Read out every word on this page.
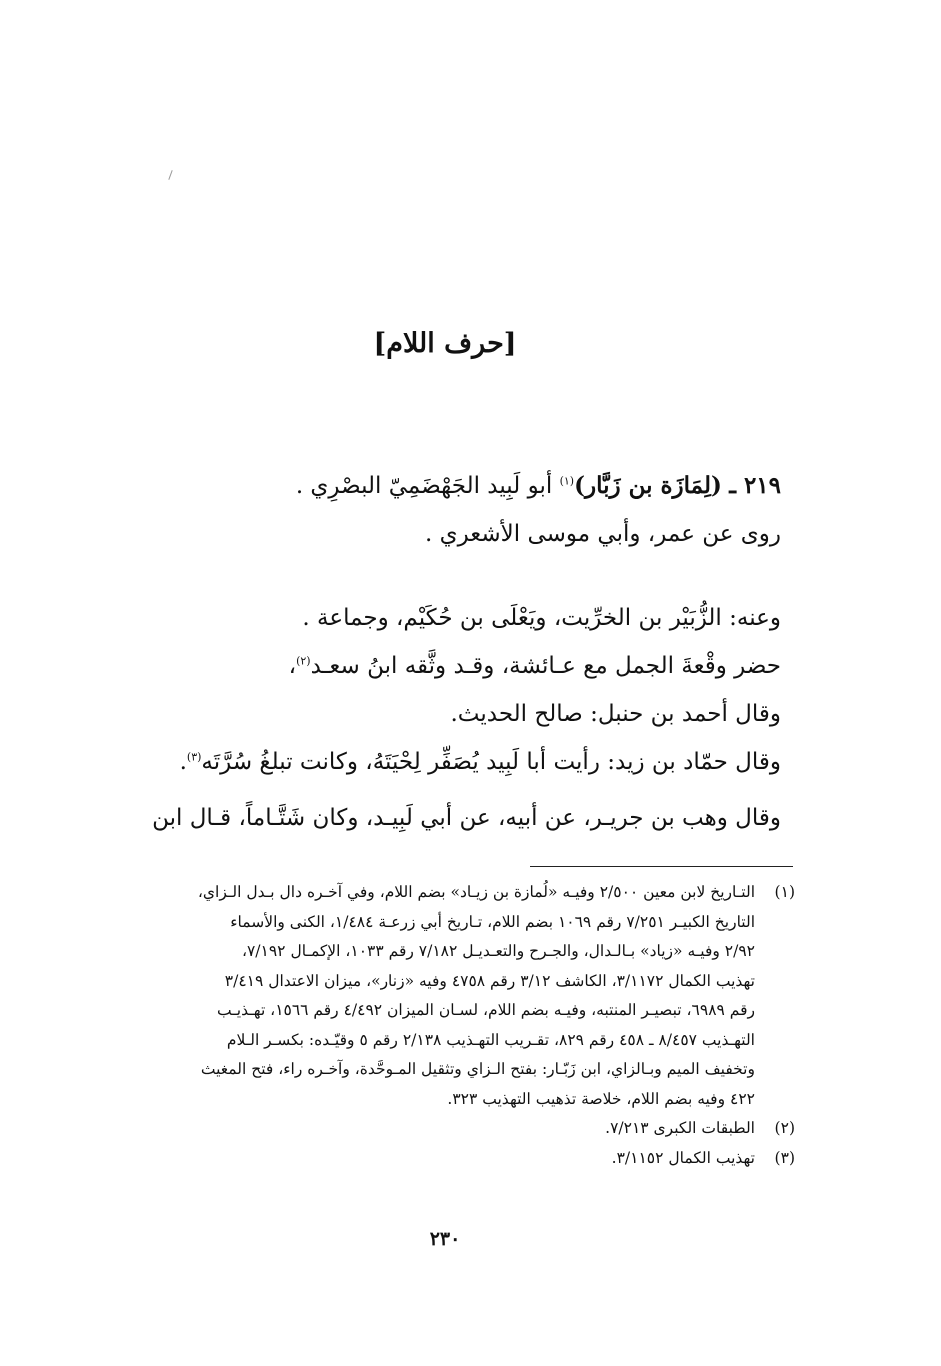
[حرف اللام]

٢١٩ ـ (لِمَازَة بن زَبَّار)$^{(١)}$ أبو لَبِيد الجَهْضَمِيّ البصْرِي .

روى عن عمر، وأبي موسى الأشعري .

وعنه: الزُّبَيْر بن الخرِّيت، ويَعْلَى بن حُكَيْم، وجماعة .

حضر وقْعةَ الجمل مع عـائشة، وقـد وثَّقه ابنُ سعـد$^{(٢)}$،

وقال أحمد بن حنبل: صالح الحديث.

وقال حمّاد بن زيد: رأيت أبا لَبِيد يُصَفِّر لِحْيَتَهُ، وكانت تبلغُ سُرَّتَه$^{(٣)}$.

وقال وهب بن جريـر، عن أبيه، عن أبي لَبِيـد، وكان شَتَّـاماً، قـال ابن

(١)
التـاريخ لابن معين ٢/٥٠٠ وفيـه «لُمازة بن زيـاد» بضم اللام، وفي آخـره دال بـدل الـزاي،
التاريخ الكبيـر ٧/٢٥١ رقم ١٠٦٩ بضم اللام، تـاريخ أبي زرعـة ١/٤٨٤، الكنى والأسماء
٢/٩٢ وفيـه «زياد» بـالـدال، والجـرح والتعـديـل ٧/١٨٢ رقم ١٠٣٣، الإكمـال ٧/١٩٢،
تهذيب الكمال ٣/١١٧٢، الكاشف ٣/١٢ رقم ٤٧٥٨ وفيه «زنار»، ميزان الاعتدال ٣/٤١٩
رقم ٦٩٨٩، تبصيـر المنتبه، وفيـه بضم اللام، لسـان الميزان ٤/٤٩٢ رقم ١٥٦٦، تهـذيـب
التهـذيب ٨/٤٥٧ ـ ٤٥٨ رقم ٨٢٩، تقـريب التهـذيب ٢/١٣٨ رقم ٥ وقيّـده: بكسـر الـلام
وتخفيف الميم وبـالزاي، ابن زَبّـار: بفتح الـزاي وتثقيل المـوحَّدة، وآخـره راء، فتح المغيث
٤٢٢ وفيه بضم اللام، خلاصة تذهيب التهذيب ٣٢٣.
(٢)
الطبقات الكبرى ٧/٢١٣.
(٣)
تهذيب الكمال ٣/١١٥٢.
٢٣٠
